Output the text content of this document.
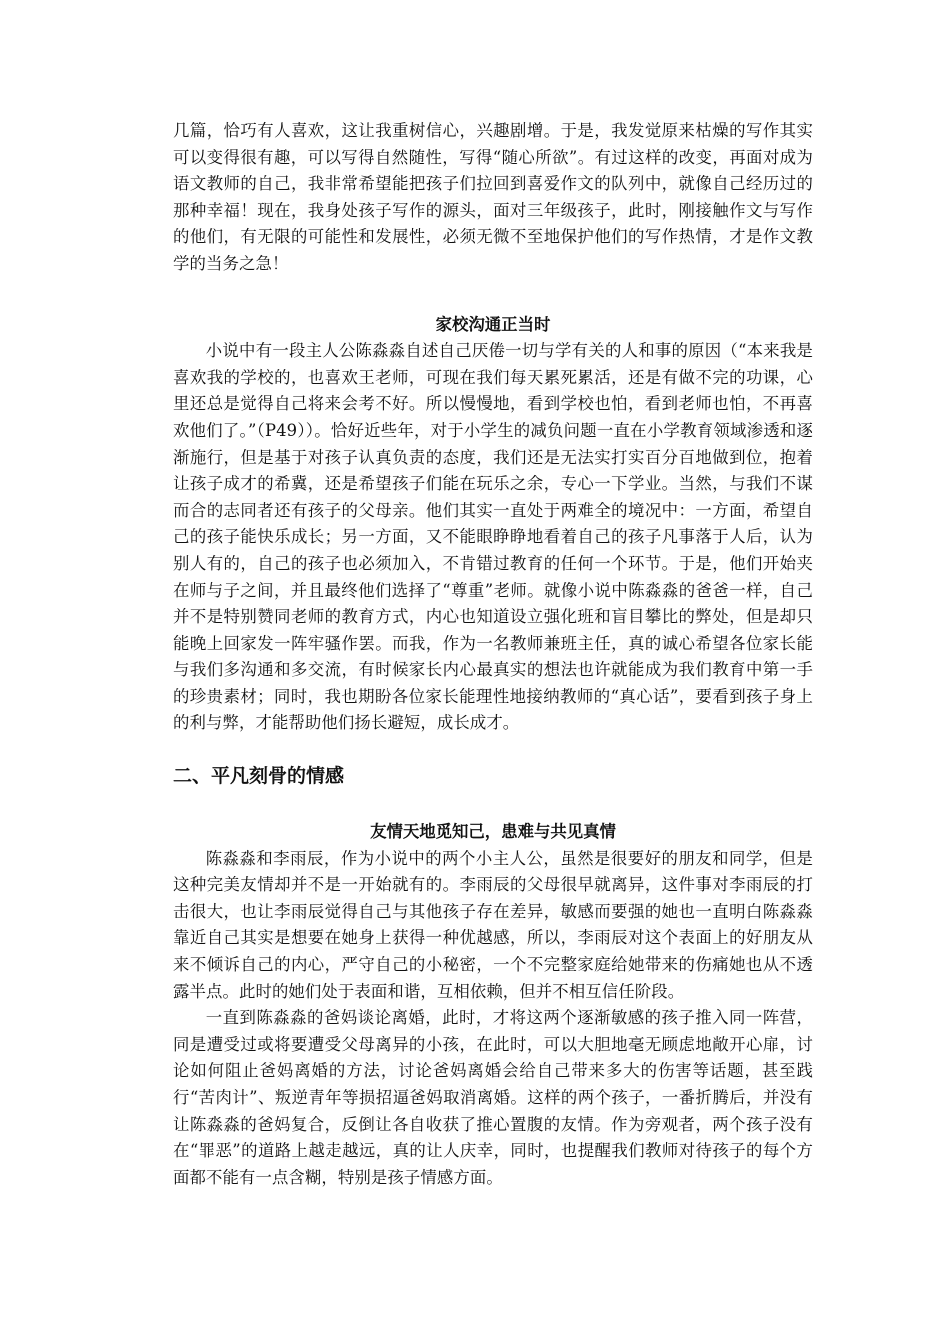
几篇，恰巧有人喜欢，这让我重树信心，兴趣剧增。于是，我发觉原来枯燥的写作其实可以变得很有趣，可以写得自然随性，写得“随心所欲”。有过这样的改变，再面对成为语文教师的自己，我非常希望能把孩子们拉回到喜爱作文的队列中，就像自己经历过的那种幸福！现在，我身处孩子写作的源头，面对三年级孩子，此时，刚接触作文与写作的他们，有无限的可能性和发展性，必须无微不至地保护他们的写作热情，才是作文教学的当务之急！

家校沟通正当时

小说中有一段主人公陈淼淼自述自己厌倦一切与学有关的人和事的原因（“本来我是喜欢我的学校的，也喜欢王老师，可现在我们每天累死累活，还是有做不完的功课，心里还总是觉得自己将来会考不好。所以慢慢地，看到学校也怕，看到老师也怕，不再喜欢他们了。”（P49））。恰好近些年，对于小学生的减负问题一直在小学教育领域渗透和逐渐施行，但是基于对孩子认真负责的态度，我们还是无法实打实百分百地做到位，抱着让孩子成才的希冀，还是希望孩子们能在玩乐之余，专心一下学业。当然，与我们不谋而合的志同者还有孩子的父母亲。他们其实一直处于两难全的境况中：一方面，希望自己的孩子能快乐成长；另一方面，又不能眼睁睁地看着自己的孩子凡事落于人后，认为别人有的，自己的孩子也必须加入，不肯错过教育的任何一个环节。于是，他们开始夹在师与子之间，并且最终他们选择了“尊重”老师。就像小说中陈淼淼的爸爸一样，自己并不是特别赞同老师的教育方式，内心也知道设立强化班和盲目攀比的弊处，但是却只能晚上回家发一阵牢骚作罢。而我，作为一名教师兼班主任，真的诚心希望各位家长能与我们多沟通和多交流，有时候家长内心最真实的想法也许就能成为我们教育中第一手的珍贵素材；同时，我也期盼各位家长能理性地接纳教师的“真心话”，要看到孩子身上的利与弊，才能帮助他们扬长避短，成长成才。

二、平凡刻骨的情感

友情天地觅知己，患难与共见真情

陈淼淼和李雨辰，作为小说中的两个小主人公，虽然是很要好的朋友和同学，但是这种完美友情却并不是一开始就有的。李雨辰的父母很早就离异，这件事对李雨辰的打击很大，也让李雨辰觉得自己与其他孩子存在差异，敏感而要强的她也一直明白陈淼淼靠近自己其实是想要在她身上获得一种优越感，所以，李雨辰对这个表面上的好朋友从来不倾诉自己的内心，严守自己的小秘密，一个不完整家庭给她带来的伤痛她也从不透露半点。此时的她们处于表面和谐，互相依赖，但并不相互信任阶段。

一直到陈淼淼的爸妈谈论离婚，此时，才将这两个逐渐敏感的孩子推入同一阵营，同是遭受过或将要遭受父母离异的小孩，在此时，可以大胆地毫无顾虑地敞开心扉，讨论如何阻止爸妈离婚的方法，讨论爸妈离婚会给自己带来多大的伤害等话题，甚至践行“苦肉计”、叛逆青年等损招逼爸妈取消离婚。这样的两个孩子，一番折腾后，并没有让陈淼淼的爸妈复合，反倒让各自收获了推心置腹的友情。作为旁观者，两个孩子没有在“罪恶”的道路上越走越远，真的让人庆幸，同时，也提醒我们教师对待孩子的每个方面都不能有一点含糊，特别是孩子情感方面。
